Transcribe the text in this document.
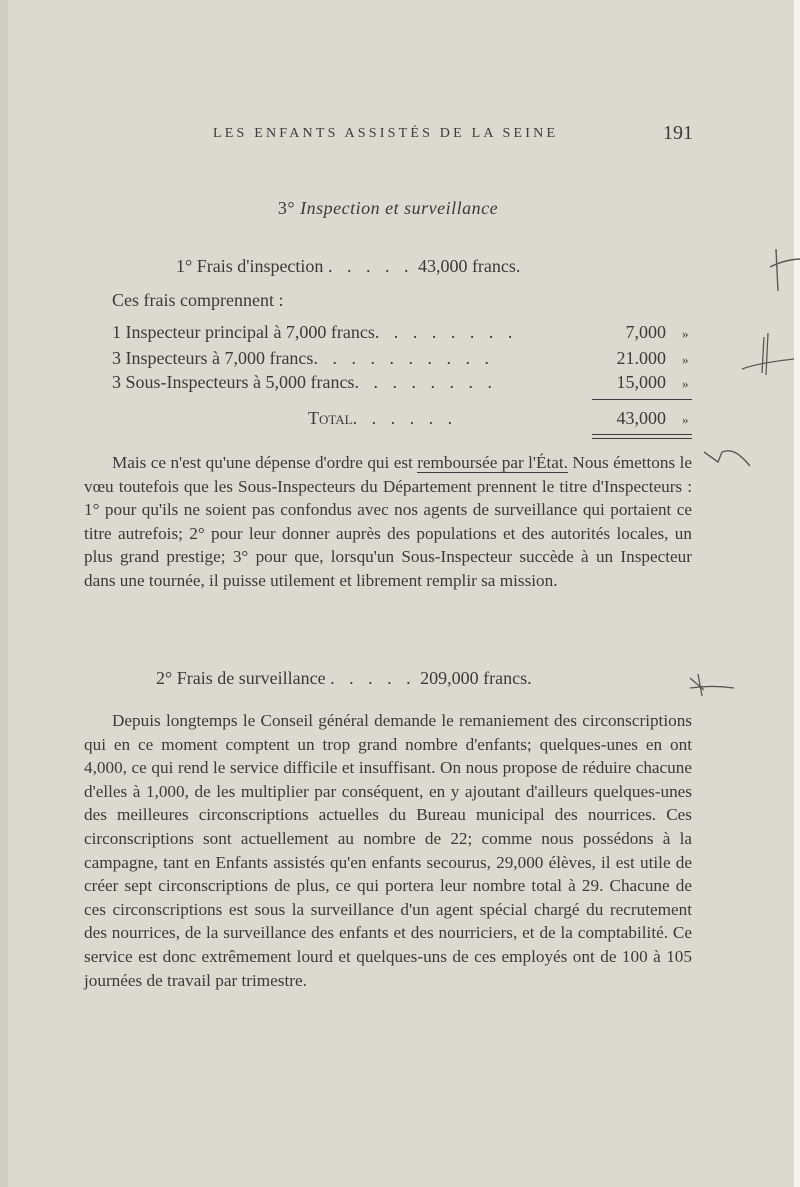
LES ENFANTS ASSISTÉS DE LA SEINE	191
3° Inspection et surveillance
1° Frais d'inspection . . . . . 43,000 francs.
Ces frais comprennent :
1 Inspecteur principal à 7,000 francs. . . . . . . .	7,000 »
3 Inspecteurs à 7,000 francs. . . . . . . . . .	21.000 »
3 Sous-Inspecteurs à 5,000 francs. . . . . . . .	15,000 »
Total. . . . . .	43,000 »

Mais ce n'est qu'une dépense d'ordre qui est remboursée par l'État. Nous émettons le vœu toutefois que les Sous-Inspecteurs du Département prennent le titre d'Inspecteurs : 1° pour qu'ils ne soient pas confondus avec nos agents de surveillance qui portaient ce titre autrefois; 2° pour leur donner auprès des populations et des autorités locales, un plus grand prestige; 3° pour que, lorsqu'un Sous-Inspecteur succède à un Inspecteur dans une tournée, il puisse utilement et librement remplir sa mission.

2° Frais de surveillance . . . . . 209,000 francs.

Depuis longtemps le Conseil général demande le remaniement des circonscriptions qui en ce moment comptent un trop grand nombre d'enfants; quelques-unes en ont 4,000, ce qui rend le service difficile et insuffisant. On nous propose de réduire chacune d'elles à 1,000, de les multiplier par conséquent, en y ajoutant d'ailleurs quelques-unes des meilleures circonscriptions actuelles du Bureau municipal des nourrices. Ces circonscriptions sont actuellement au nombre de 22; comme nous possédons à la campagne, tant en Enfants assistés qu'en enfants secourus, 29,000 élèves, il est utile de créer sept circonscriptions de plus, ce qui portera leur nombre total à 29. Chacune de ces circonscriptions est sous la surveillance d'un agent spécial chargé du recrutement des nourrices, de la surveillance des enfants et des nourriciers, et de la comptabilité. Ce service est donc extrêmement lourd et quelques-uns de ces employés ont de 100 à 105 journées de travail par trimestre.
